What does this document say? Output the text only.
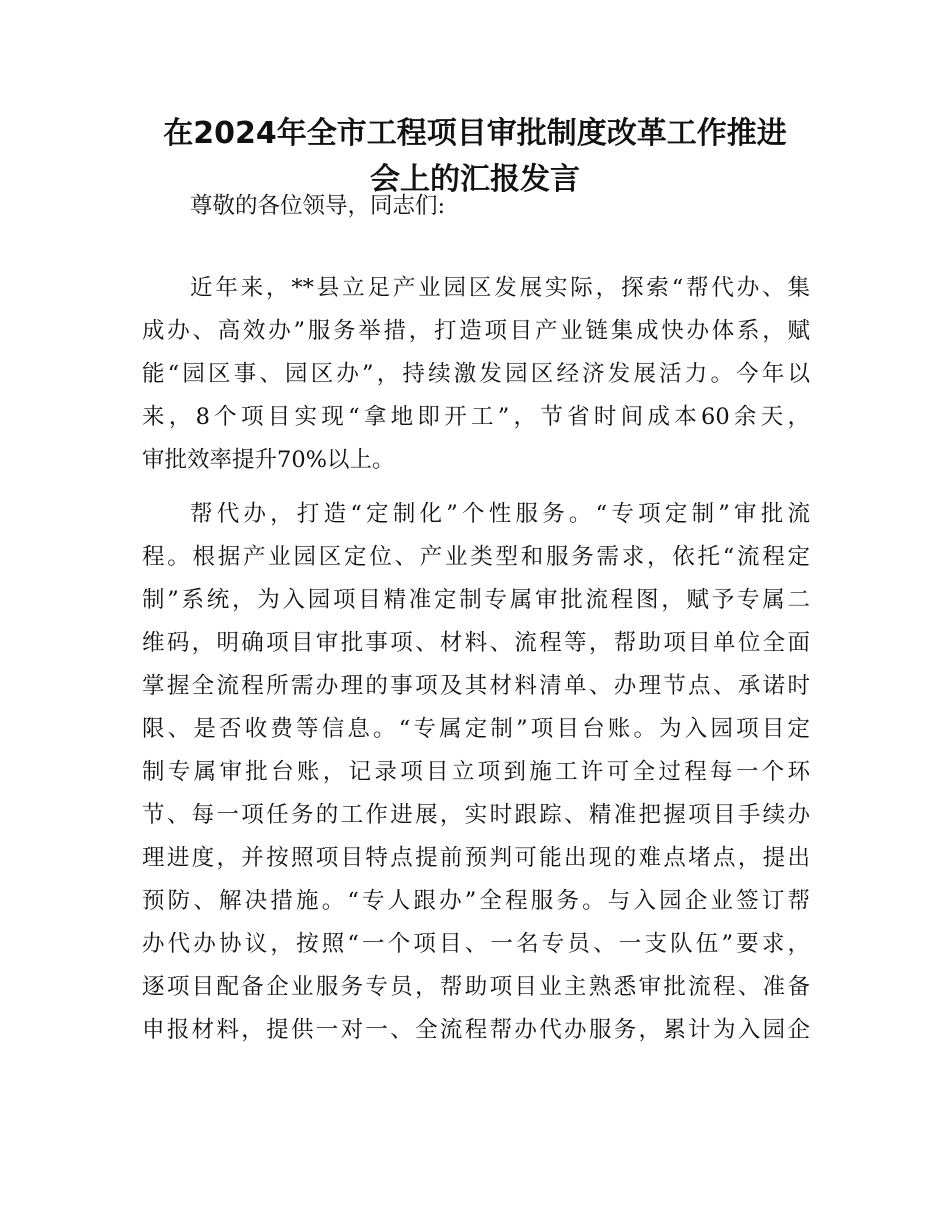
在2024年全市工程项目审批制度改革工作推进
会上的汇报发言

尊敬的各位领导，同志们:

近年来，**县立足产业园区发展实际，探索“帮代办、集

成办、高效办”服务举措，打造项目产业链集成快办体系，赋

能“园区事、园区办”，持续激发园区经济发展活力。今年以

来，8个项目实现“拿地即开工”，节省时间成本60余天，

审批效率提升70%以上。

帮代办，打造“定制化”个性服务。“专项定制”审批流

程。根据产业园区定位、产业类型和服务需求，依托“流程定

制”系统，为入园项目精准定制专属审批流程图，赋予专属二

维码，明确项目审批事项、材料、流程等，帮助项目单位全面

掌握全流程所需办理的事项及其材料清单、办理节点、承诺时

限、是否收费等信息。“专属定制”项目台账。为入园项目定

制专属审批台账，记录项目立项到施工许可全过程每一个环

节、每一项任务的工作进展，实时跟踪、精准把握项目手续办

理进度，并按照项目特点提前预判可能出现的难点堵点，提出

预防、解决措施。“专人跟办”全程服务。与入园企业签订帮

办代办协议，按照“一个项目、一名专员、一支队伍”要求，

逐项目配备企业服务专员，帮助项目业主熟悉审批流程、准备

申报材料，提供一对一、全流程帮办代办服务，累计为入园企
